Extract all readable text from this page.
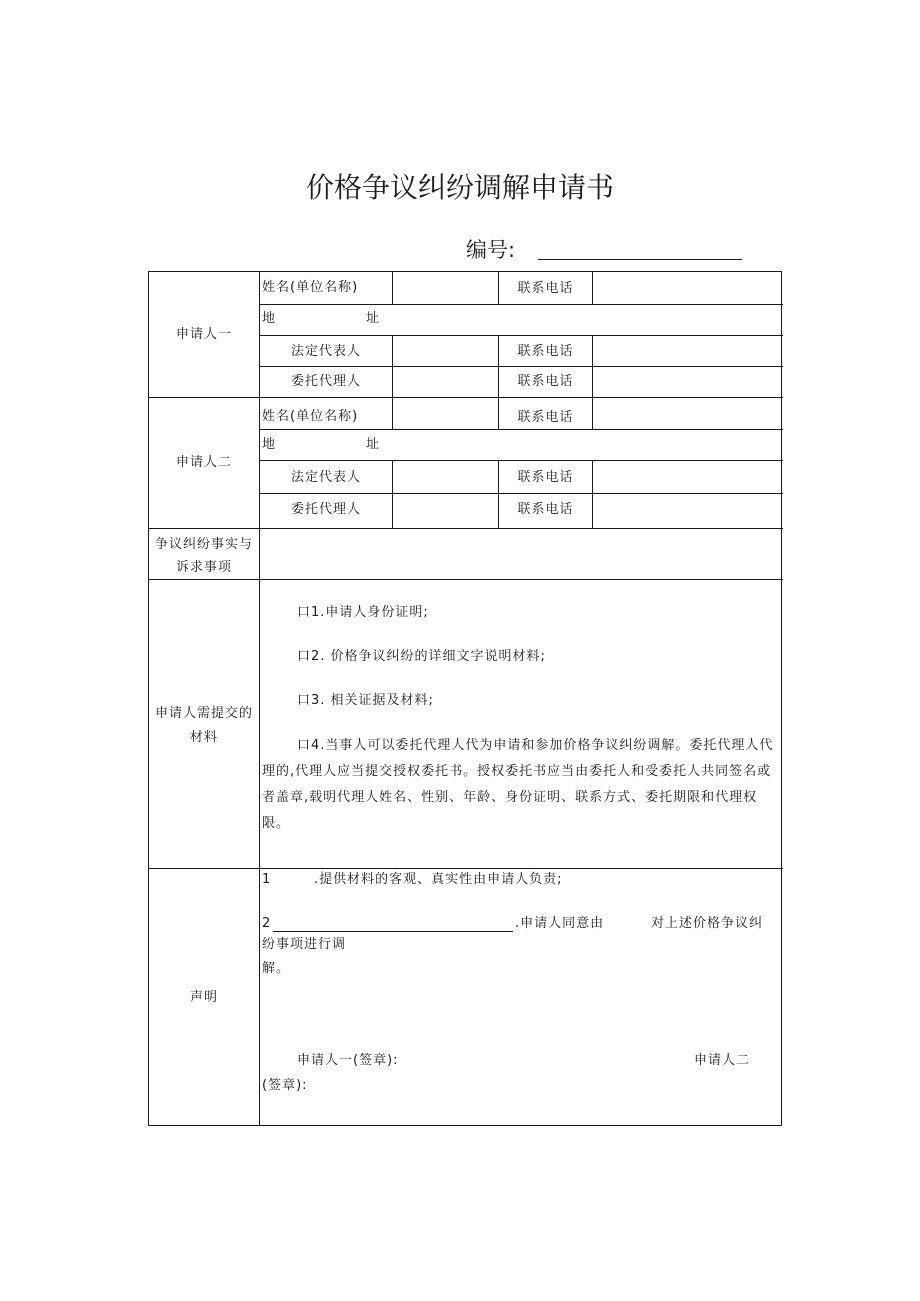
价格争议纠纷调解申请书
编号:
申请人一
姓名(单位名称)	联系电话
地	址
法定代表人	联系电话
委托代理人	联系电话
申请人二
姓名(单位名称)	联系电话
地	址
法定代表人	联系电话
委托代理人	联系电话
争议纠纷事实与
诉求事项
申请人需提交的
材料
口1.申请人身份证明;
口2. 价格争议纠纷的详细文字说明材料;
口3. 相关证据及材料;
口4.当事人可以委托代理人代为申请和参加价格争议纠纷调解。委托代理人代理的,代理人应当提交授权委托书。授权委托书应当由委托人和受委托人共同签名或者盖章,载明代理人姓名、性别、年龄、身份证明、联系方式、委托期限和代理权限。
声明
1	.提供材料的客观、真实性由申请人负责;
2	.申请人同意由	对上述价格争议纠
纷事项进行调
解。
申请人一(签章):	申请人二
(签章):
